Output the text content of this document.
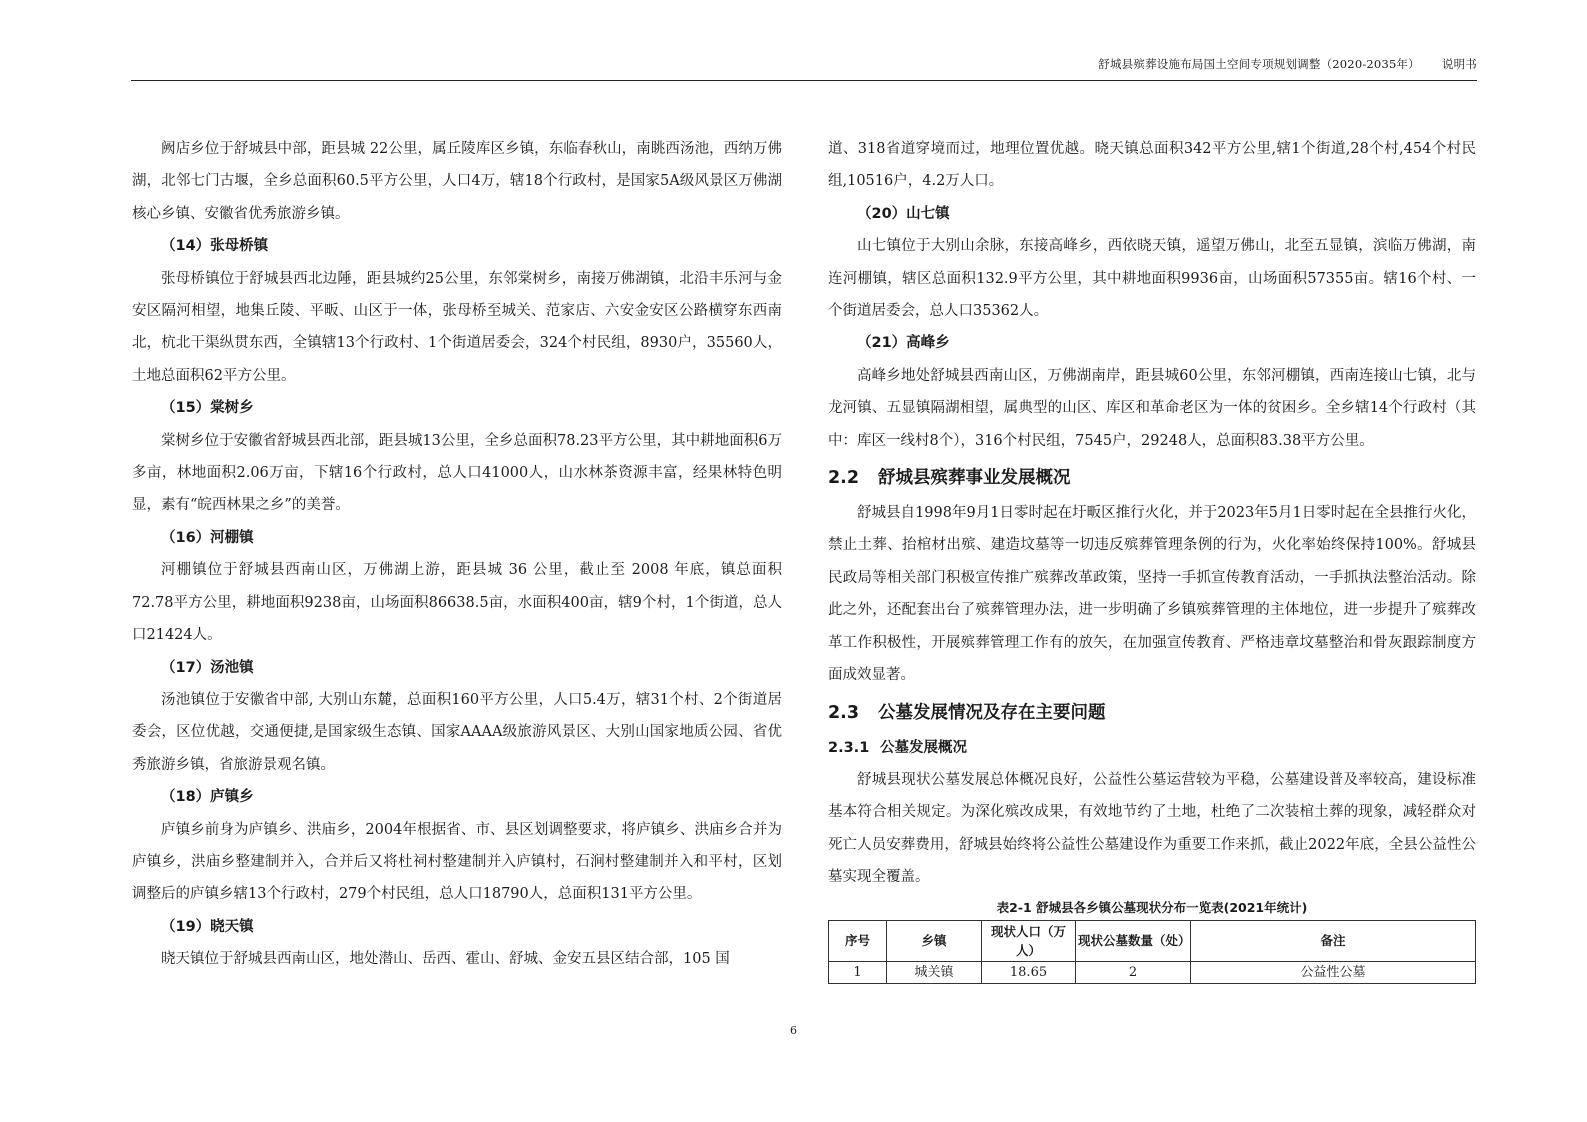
舒城县殡葬设施布局国土空间专项规划调整（2020-2035年） 说明书

阙店乡位于舒城县中部，距县城 22公里，属丘陵库区乡镇，东临春秋山，南眺西汤池，西纳万佛湖，北邻七门古堰，全乡总面积60.5平方公里，人口4万，辖18个行政村，是国家5A级风景区万佛湖核心乡镇、安徽省优秀旅游乡镇。

（14）张母桥镇

张母桥镇位于舒城县西北边陲，距县城约25公里，东邻棠树乡，南接万佛湖镇，北沿丰乐河与金安区隔河相望，地集丘陵、平畈、山区于一体，张母桥至城关、范家店、六安金安区公路横穿东西南北，杭北干渠纵贯东西，全镇辖13个行政村、1个街道居委会，324个村民组，8930户，35560人，土地总面积62平方公里。

（15）棠树乡

棠树乡位于安徽省舒城县西北部，距县城13公里，全乡总面积78.23平方公里，其中耕地面积6万多亩，林地面积2.06万亩，下辖16个行政村，总人口41000人，山水林茶资源丰富，经果林特色明显，素有“皖西林果之乡”的美誉。

（16）河棚镇

河棚镇位于舒城县西南山区，万佛湖上游，距县城 36 公里，截止至 2008 年底，镇总面积 72.78平方公里，耕地面积9238亩，山场面积86638.5亩，水面积400亩，辖9个村，1个街道，总人口21424人。

（17）汤池镇

汤池镇位于安徽省中部, 大别山东麓，总面积160平方公里，人口5.4万，辖31个村、2个街道居委会，区位优越，交通便捷,是国家级生态镇、国家AAAA级旅游风景区、大别山国家地质公园、省优秀旅游乡镇，省旅游景观名镇。

（18）庐镇乡

庐镇乡前身为庐镇乡、洪庙乡，2004年根据省、市、县区划调整要求，将庐镇乡、洪庙乡合并为庐镇乡，洪庙乡整建制并入，合并后又将杜祠村整建制并入庐镇村，石涧村整建制并入和平村，区划调整后的庐镇乡辖13个行政村，279个村民组，总人口18790人，总面积131平方公里。

（19）晓天镇

晓天镇位于舒城县西南山区，地处潜山、岳西、霍山、舒城、金安五县区结合部，105 国

道、318省道穿境而过，地理位置优越。晓天镇总面积342平方公里,辖1个街道,28个村,454个村民组,10516户，4.2万人口。

（20）山七镇

山七镇位于大别山余脉，东接高峰乡，西依晓天镇，遥望万佛山，北至五显镇，滨临万佛湖，南连河棚镇，辖区总面积132.9平方公里，其中耕地面积9936亩，山场面积57355亩。辖16个村、一个街道居委会，总人口35362人。

（21）高峰乡

高峰乡地处舒城县西南山区，万佛湖南岸，距县城60公里，东邻河棚镇，西南连接山七镇，北与龙河镇、五显镇隔湖相望，属典型的山区、库区和革命老区为一体的贫困乡。全乡辖14个行政村（其中：库区一线村8个），316个村民组，7545户，29248人，总面积83.38平方公里。

2.2 舒城县殡葬事业发展概况

舒城县自1998年9月1日零时起在圩畈区推行火化，并于2023年5月1日零时起在全县推行火化，禁止土葬、抬棺材出殡、建造坟墓等一切违反殡葬管理条例的行为，火化率始终保持100%。舒城县民政局等相关部门积极宣传推广殡葬改革政策，坚持一手抓宣传教育活动，一手抓执法整治活动。除此之外，还配套出台了殡葬管理办法，进一步明确了乡镇殡葬管理的主体地位，进一步提升了殡葬改革工作积极性，开展殡葬管理工作有的放矢，在加强宣传教育、严格违章坟墓整治和骨灰跟踪制度方面成效显著。

2.3 公墓发展情况及存在主要问题
2.3.1 公墓发展概况

舒城县现状公墓发展总体概况良好，公益性公墓运营较为平稳，公墓建设普及率较高，建设标准基本符合相关规定。为深化殡改成果，有效地节约了土地，杜绝了二次装棺土葬的现象，减轻群众对死亡人员安葬费用，舒城县始终将公益性公墓建设作为重要工作来抓，截止2022年底，全县公益性公墓实现全覆盖。

表2-1 舒城县各乡镇公墓现状分布一览表(2021年统计)
序号	乡镇	现状人口（万人）	现状公墓数量（处）	备注
1	城关镇	18.65	2	公益性公墓
6
